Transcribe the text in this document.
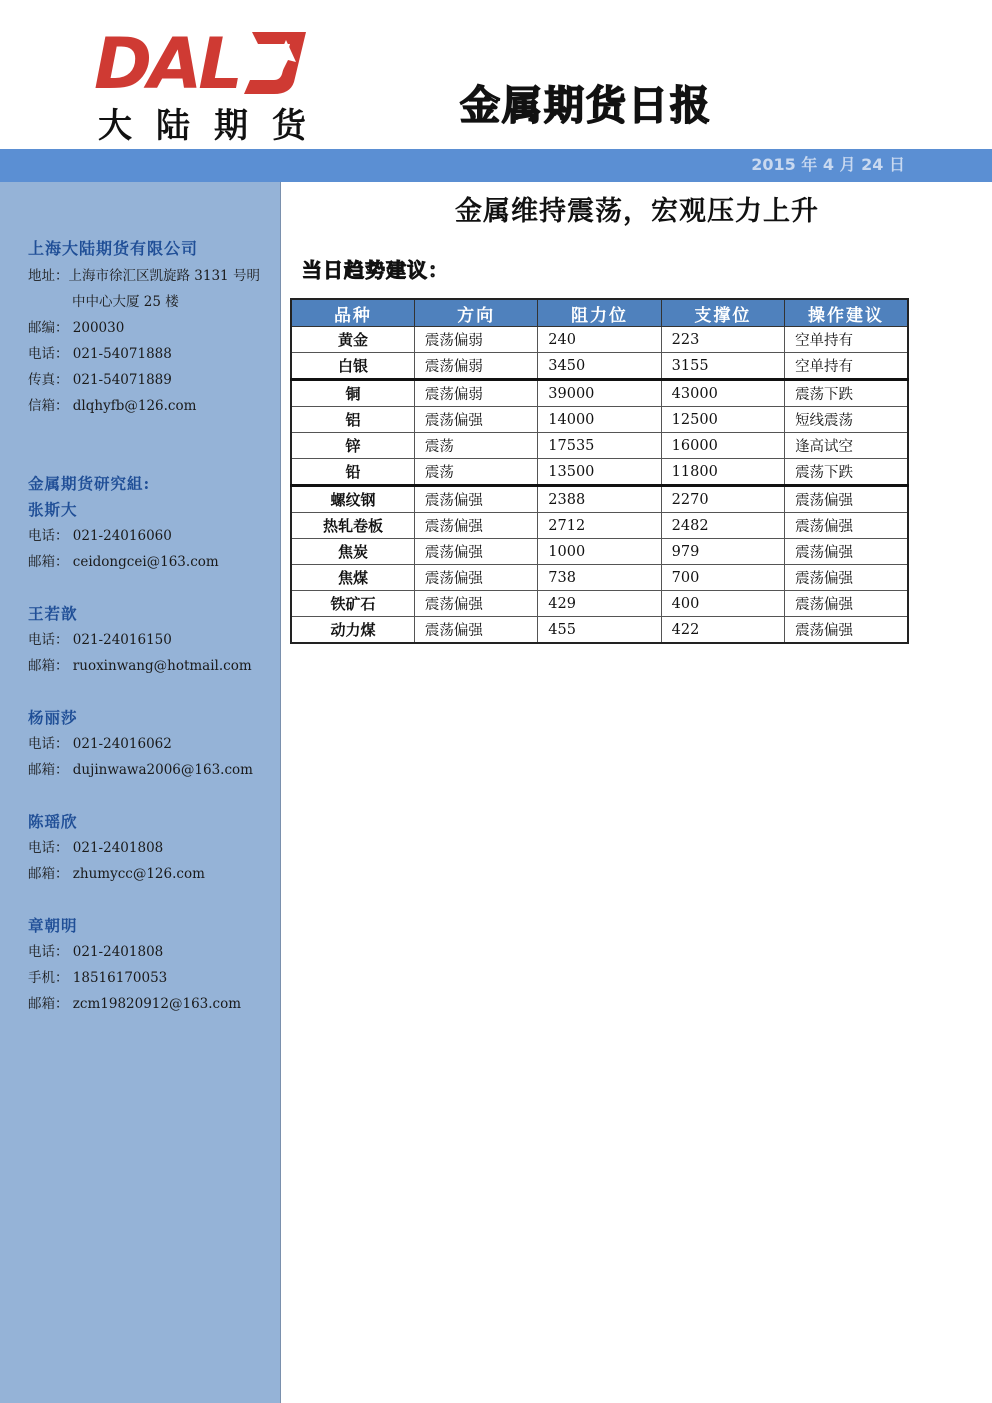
DAL
大 陆 期 货	金属期货日报
2015 年 4 月 24 日
上海大陆期货有限公司
地址：上海市徐汇区凯旋路 3131 号明
中中心大厦 25 楼
邮编： 200030
电话： 021-54071888
传真： 021-54071889
信箱： dlqhyfb@126.com
金属期货研究組:
张斯大
电话： 021-24016060
邮箱： ceidongcei@163.com
王若歆
电话： 021-24016150
邮箱： ruoxinwang@hotmail.com
杨丽莎
电话： 021-24016062
邮箱： dujinwawa2006@163.com
陈瑶欣
电话： 021-2401808
邮箱： zhumycc@126.com
章朝明
电话： 021-2401808
手机： 18516170053
邮箱： zcm19820912@163.com
金属维持震荡，宏观压力上升
当日趋势建议：
品种	方向	阻力位	支撑位	操作建议
黄金	震荡偏弱	240	223	空单持有
白银	震荡偏弱	3450	3155	空单持有
铜	震荡偏弱	39000	43000	震荡下跌
铝	震荡偏强	14000	12500	短线震荡
锌	震荡	17535	16000	逢高试空
铅	震荡	13500	11800	震荡下跌
螺纹钢	震荡偏强	2388	2270	震荡偏强
热轧卷板	震荡偏强	2712	2482	震荡偏强
焦炭	震荡偏强	1000	979	震荡偏强
焦煤	震荡偏强	738	700	震荡偏强
铁矿石	震荡偏强	429	400	震荡偏强
动力煤	震荡偏强	455	422	震荡偏强
